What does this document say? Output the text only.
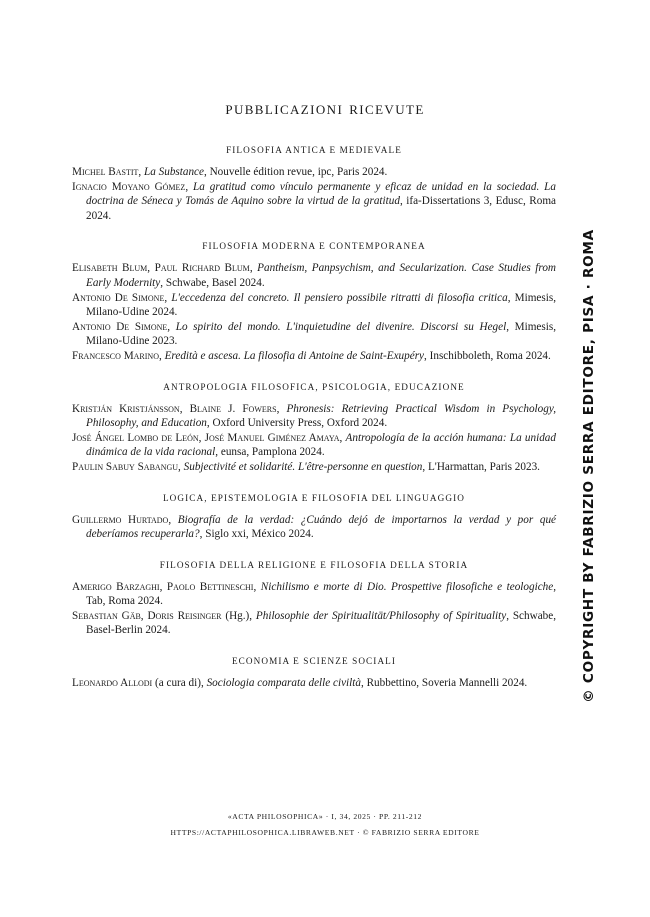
pubblicazioni ricevute
FILOSOFIA ANTICA E MEDIEVALE
Michel Bastit, La Substance, Nouvelle édition revue, ipc, Paris 2024.
Ignacio Moyano Gómez, La gratitud como vínculo permanente y eficaz de unidad en la sociedad. La doctrina de Séneca y Tomás de Aquino sobre la virtud de la gratitud, ifa-Dissertations 3, Edusc, Roma 2024.
FILOSOFIA MODERNA E CONTEMPORANEA
Elisabeth Blum, Paul Richard Blum, Pantheism, Panpsychism, and Secularization. Case Studies from Early Modernity, Schwabe, Basel 2024.
Antonio De Simone, L'eccedenza del concreto. Il pensiero possibile ritratti di filosofia critica, Mimesis, Milano-Udine 2024.
Antonio De Simone, Lo spirito del mondo. L'inquietudine del divenire. Discorsi su Hegel, Mimesis, Milano-Udine 2023.
Francesco Marino, Eredità e ascesa. La filosofia di Antoine de Saint-Exupéry, Inschibboleth, Roma 2024.
ANTROPOLOGIA FILOSOFICA, PSICOLOGIA, EDUCAZIONE
Kristján Kristjánsson, Blaine J. Fowers, Phronesis: Retrieving Practical Wisdom in Psychology, Philosophy, and Education, Oxford University Press, Oxford 2024.
José Ángel Lombo de León, José Manuel Giménez Amaya, Antropología de la acción humana: La unidad dinámica de la vida racional, eunsa, Pamplona 2024.
Paulin Sabuy Sabangu, Subjectivité et solidarité. L'être-personne en question, L'Harmattan, Paris 2023.
LOGICA, EPISTEMOLOGIA E FILOSOFIA DEL LINGUAGGIO
Guillermo Hurtado, Biografía de la verdad: ¿Cuándo dejó de importarnos la verdad y por qué deberíamos recuperarla?, Siglo xxi, México 2024.
FILOSOFIA DELLA RELIGIONE E FILOSOFIA DELLA STORIA
Amerigo Barzaghi, Paolo Bettineschi, Nichilismo e morte di Dio. Prospettive filosofiche e teologiche, Tab, Roma 2024.
Sebastian Gäb, Doris Reisinger (Hg.), Philosophie der Spiritualität/Philosophy of Spirituality, Schwabe, Basel-Berlin 2024.
ECONOMIA E SCIENZE SOCIALI
Leonardo Allodi (a cura di), Sociologia comparata delle civiltà, Rubbettino, Soveria Mannelli 2024.
«ACTA PHILOSOPHICA» · I, 34, 2025 · PP. 211-212
HTTPS://ACTAPHILOSOPHICA.LIBRAWEB.NET · © FABRIZIO SERRA EDITORE
© COPYRIGHT BY FABRIZIO SERRA EDITORE, PISA · ROMA
